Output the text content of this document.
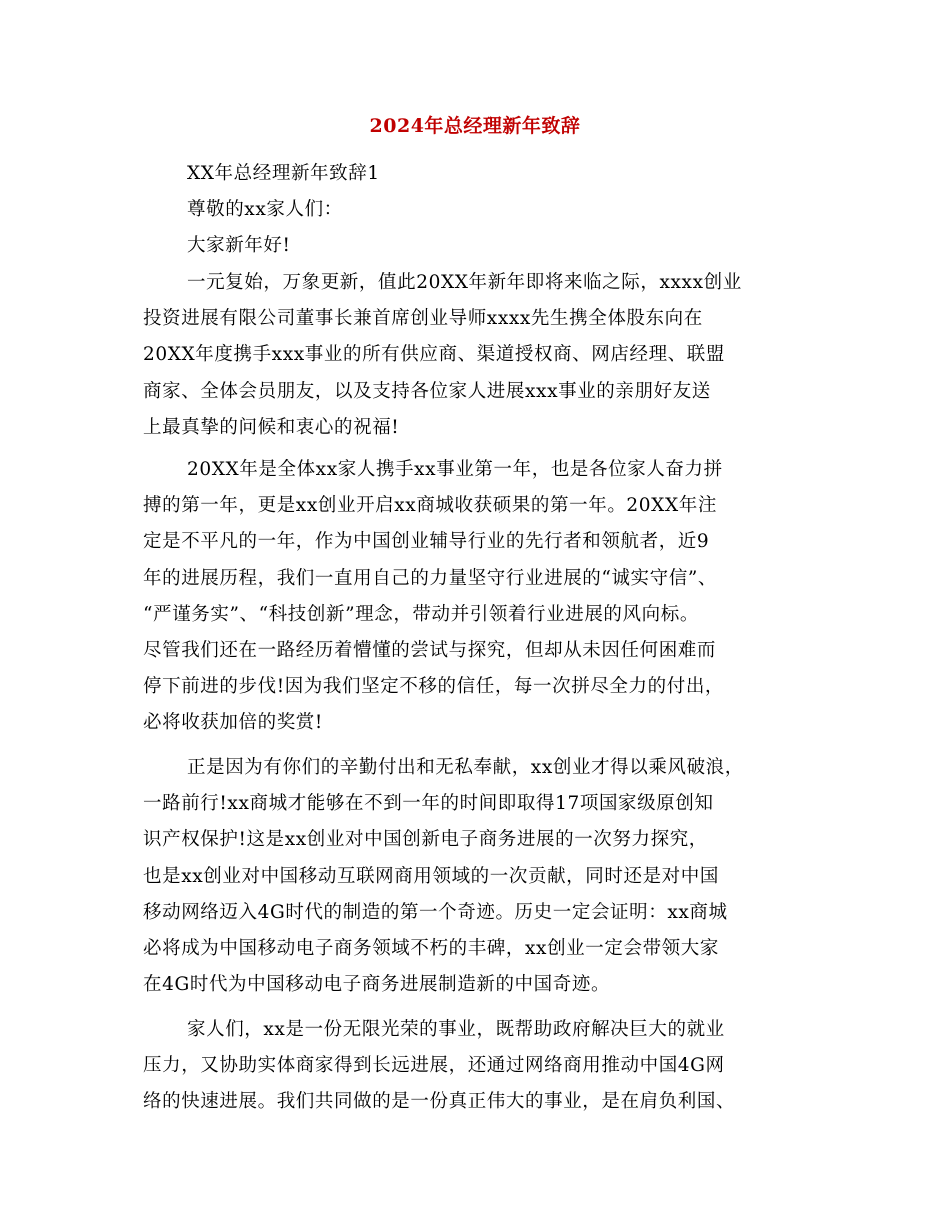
2024年总经理新年致辞
XX年总经理新年致辞1
尊敬的xx家人们：
大家新年好!
一元复始，万象更新，值此20XX年新年即将来临之际，xxxx创业
投资进展有限公司董事长兼首席创业导师xxxx先生携全体股东向在
20XX年度携手xxx事业的所有供应商、渠道授权商、网店经理、联盟
商家、全体会员朋友，以及支持各位家人进展xxx事业的亲朋好友送
上最真挚的问候和衷心的祝福!
20XX年是全体xx家人携手xx事业第一年，也是各位家人奋力拼
搏的第一年，更是xx创业开启xx商城收获硕果的第一年。20XX年注
定是不平凡的一年，作为中国创业辅导行业的先行者和领航者，近9
年的进展历程，我们一直用自己的力量坚守行业进展的“诚实守信”、
“严谨务实”、“科技创新”理念，带动并引领着行业进展的风向标。
尽管我们还在一路经历着懵懂的尝试与探究，但却从未因任何困难而
停下前进的步伐!因为我们坚定不移的信任，每一次拼尽全力的付出，
必将收获加倍的奖赏!
正是因为有你们的辛勤付出和无私奉献，xx创业才得以乘风破浪，
一路前行!xx商城才能够在不到一年的时间即取得17项国家级原创知
识产权保护!这是xx创业对中国创新电子商务进展的一次努力探究，
也是xx创业对中国移动互联网商用领域的一次贡献，同时还是对中国
移动网络迈入4G时代的制造的第一个奇迹。历史一定会证明：xx商城
必将成为中国移动电子商务领域不朽的丰碑，xx创业一定会带领大家
在4G时代为中国移动电子商务进展制造新的中国奇迹。
家人们，xx是一份无限光荣的事业，既帮助政府解决巨大的就业
压力，又协助实体商家得到长远进展，还通过网络商用推动中国4G网
络的快速进展。我们共同做的是一份真正伟大的事业，是在肩负利国、
